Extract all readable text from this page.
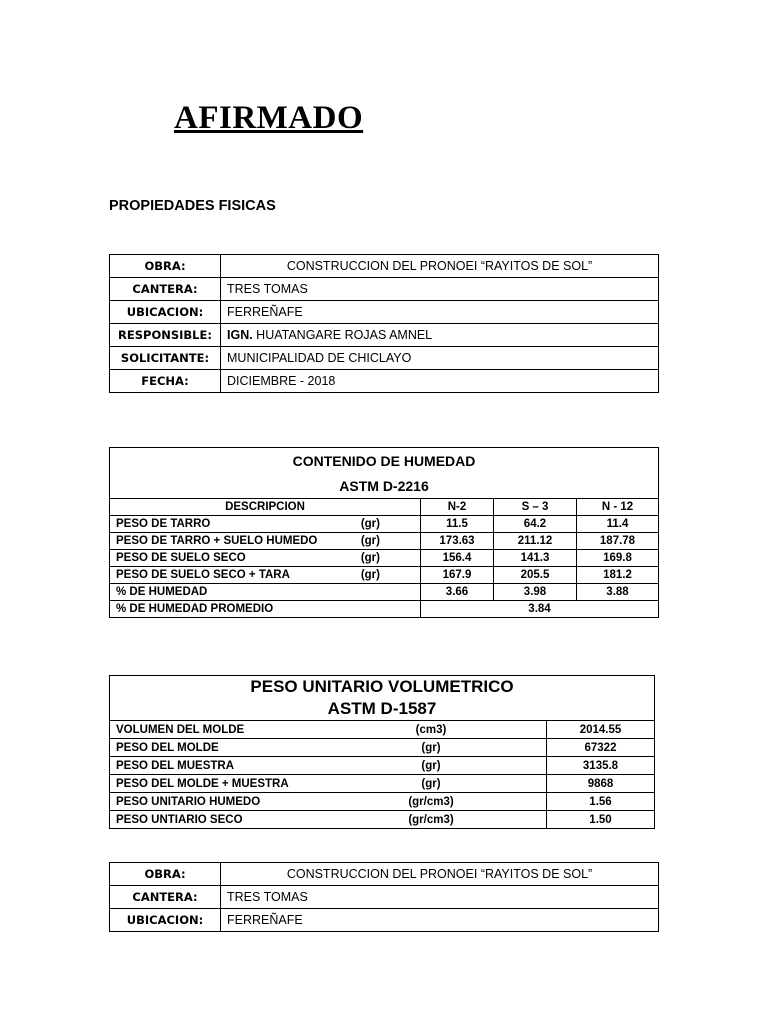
AFIRMADO
PROPIEDADES FISICAS
OBRA:	CONSTRUCCION DEL PRONOEI “RAYITOS DE SOL”
CANTERA:	TRES TOMAS
UBICACION:	FERREÑAFE
RESPONSIBLE:	IGN. HUATANGARE ROJAS AMNEL
SOLICITANTE:	MUNICIPALIDAD DE CHICLAYO
FECHA:	DICIEMBRE - 2018
CONTENIDO DE HUMEDAD			
ASTM D-2216			
DESCRIPCION	N-2	S – 3	N - 12

PESO DE TARRO (gr)	11.5	64.2	11.4

PESO DE TARRO + SUELO HUMEDO (gr)	173.63	211.12	187.78

PESO DE SUELO SECO (gr)	156.4	141.3	169.8

PESO DE SUELO SECO + TARA (gr)	167.9	205.5	181.2

% DE HUMEDAD	3.66	3.98	3.88
% DE HUMEDAD PROMEDIO	3.84		
PESO UNITARIO VOLUMETRICO
ASTM D-1587		

VOLUMEN DEL MOLDE	(cm3)	2014.55
PESO DEL MOLDE	(gr)	67322
PESO DEL MUESTRA	(gr)	3135.8
PESO DEL MOLDE + MUESTRA	(gr)	9868
PESO UNITARIO HUMEDO	(gr/cm3)	1.56
PESO UNTIARIO SECO	(gr/cm3)	1.50
OBRA:	CONSTRUCCION DEL PRONOEI “RAYITOS DE SOL”
CANTERA:	TRES TOMAS
UBICACION:	FERREÑAFE
